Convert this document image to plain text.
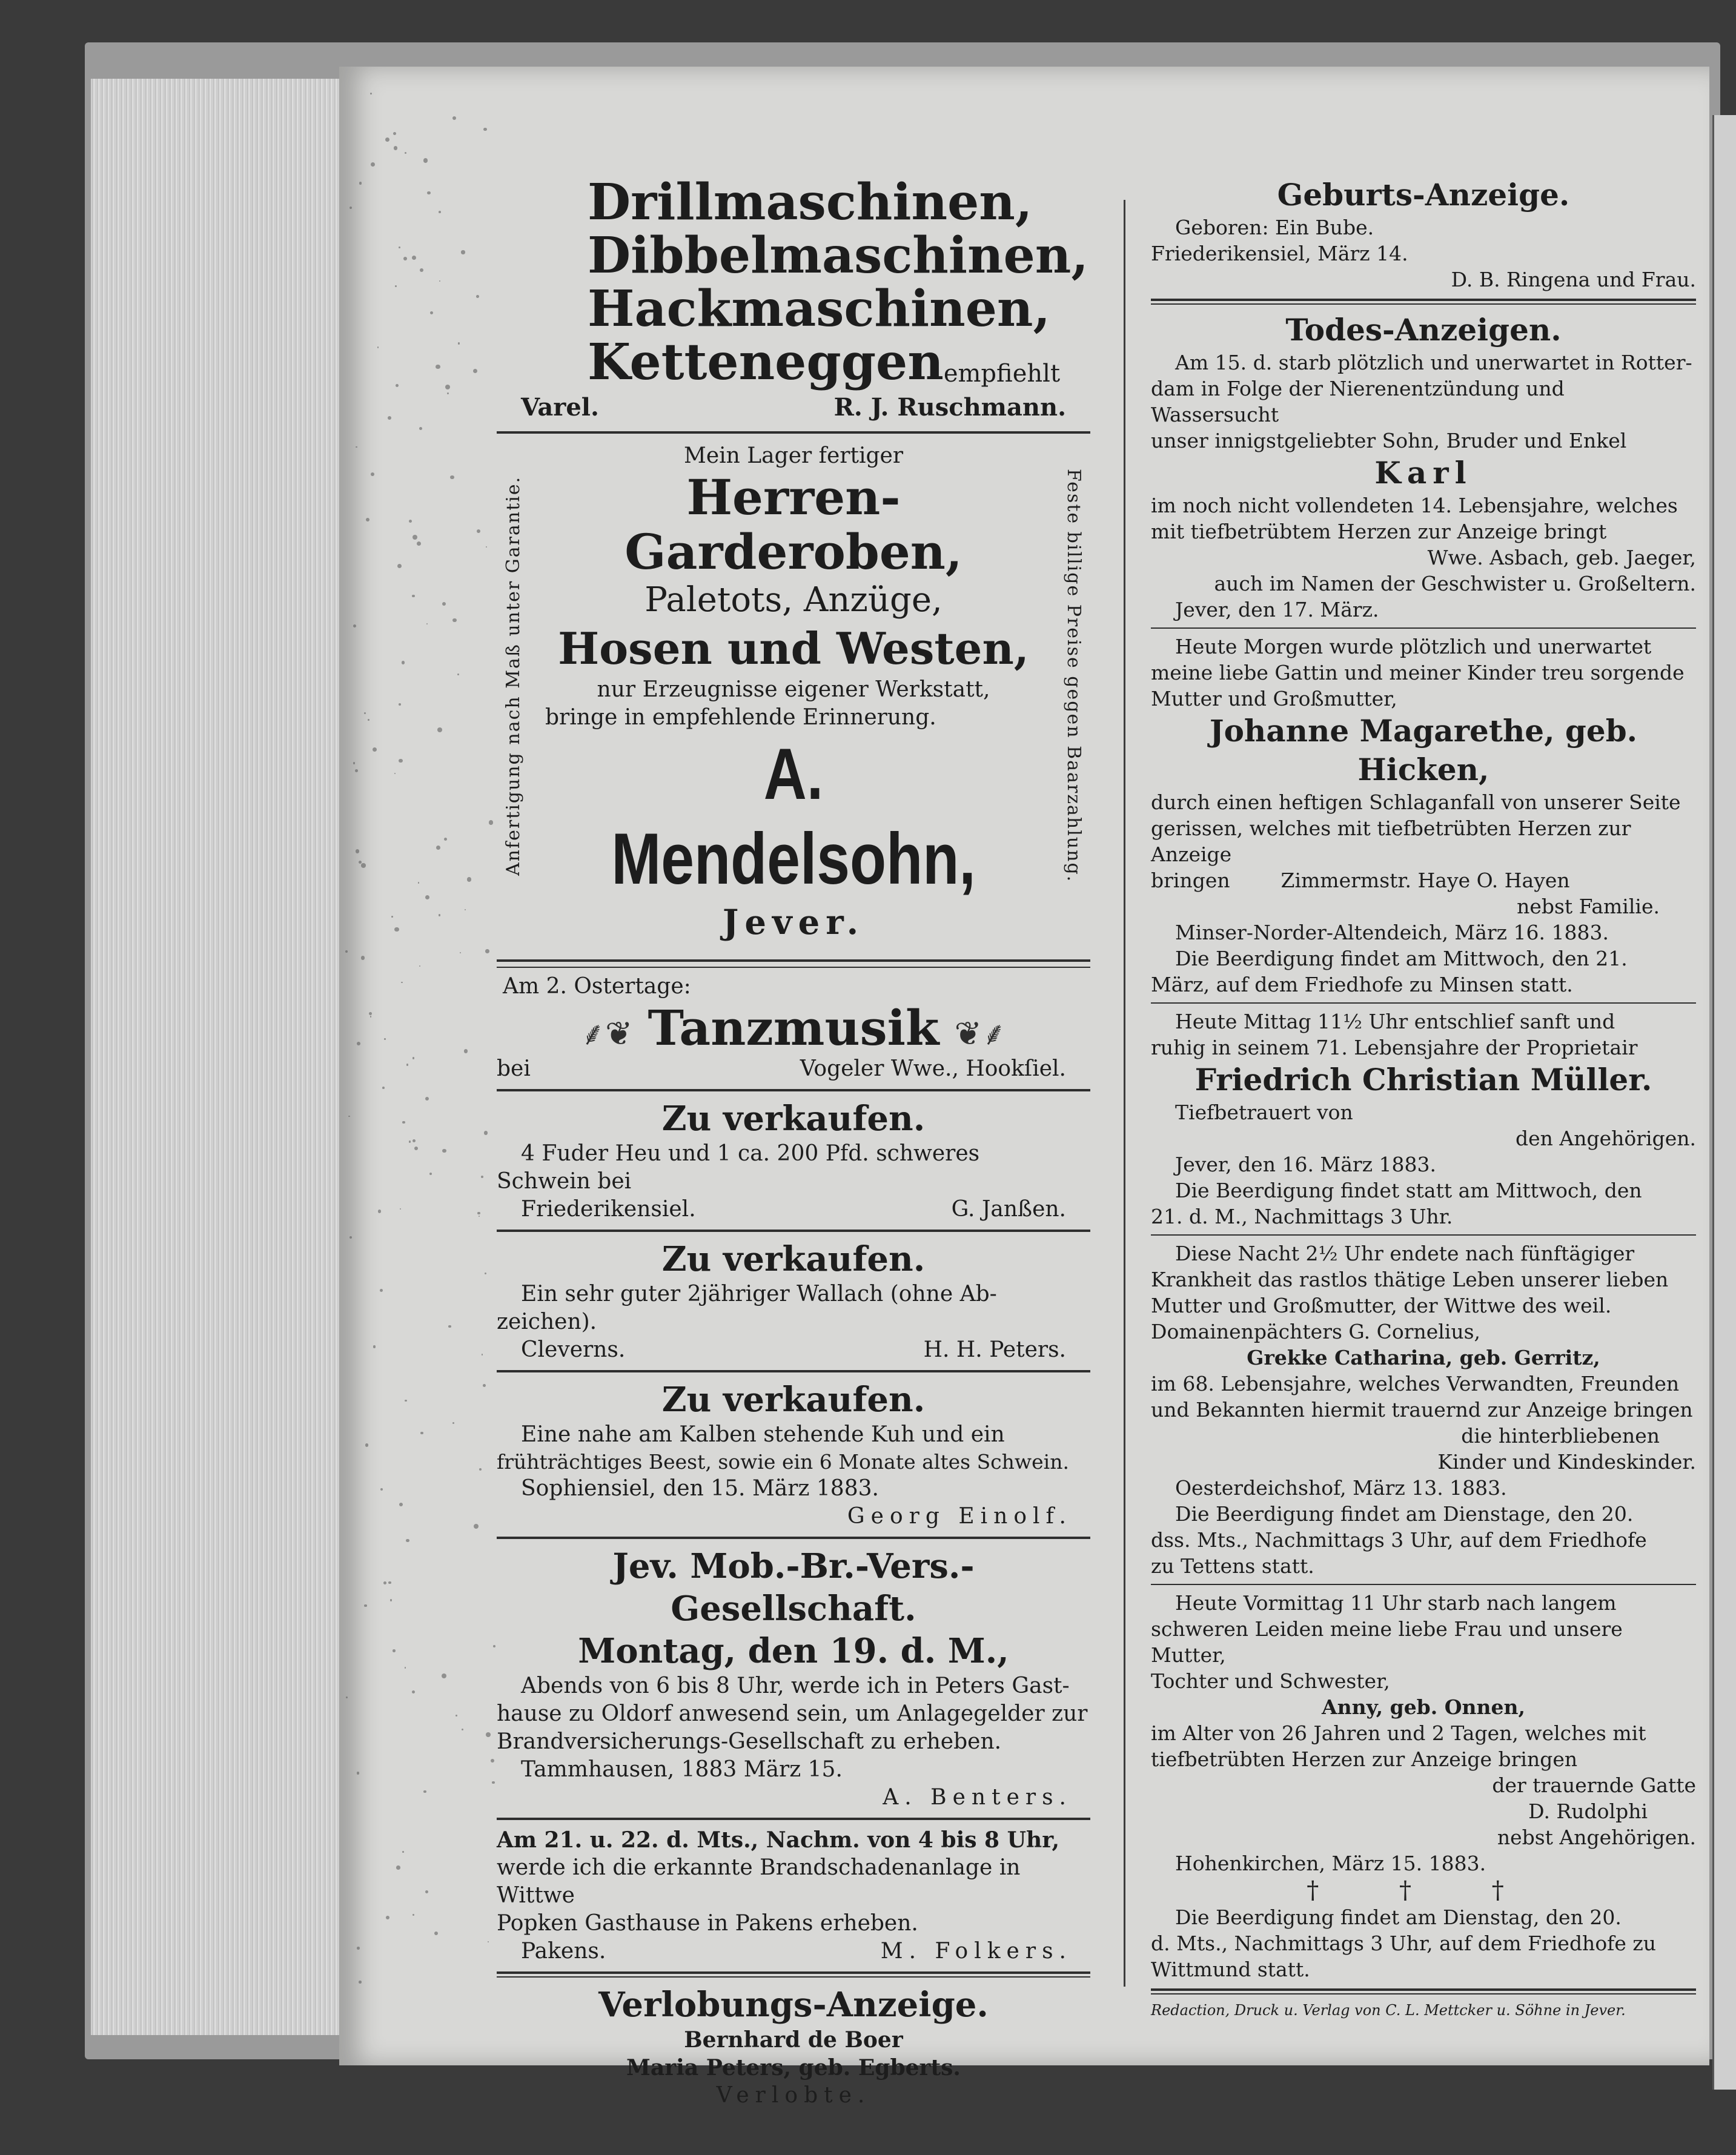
Drillmaschinen,
Dibbelmaschinen,
Hackmaschinen,
Ketteneggen empfiehlt
Varel.	R. J. Ruschmann.
Anfertigung nach Maß unter Garantie.	Feste billige Preise gegen Baarzahlung.
Mein Lager fertiger
Herren-Garderoben,
Paletots, Anzüge,
Hosen und Westen,
nur Erzeugnisse eigener Werkstatt,
bringe in empfehlende Erinnerung.
A. Mendelsohn,
Jever.
Am 2. Ostertage:
⸙❦ Tanzmusik ❦⸙
bei	Vogeler Wwe., Hookſiel.
Zu verkaufen.
4 Fuder Heu und 1 ca. 200 Pfd. schweres
Schwein bei
Friederikensiel.	G. Janßen.
Zu verkaufen.
Ein sehr guter 2jähriger Wallach (ohne Ab-
zeichen).
Cleverns.	H. H. Peters.
Zu verkaufen.
Eine nahe am Kalben stehende Kuh und ein
frühträchtiges Beest, sowie ein 6 Monate altes Schwein.
Sophiensiel, den 15. März 1883.
Georg Einolf.
Jev. Mob.-Br.-Vers.-Gesellschaft.
Montag, den 19. d. M.,
Abends von 6 bis 8 Uhr, werde ich in Peters Gast-
hause zu Oldorf anwesend sein, um Anlagegelder zur
Brandversicherungs-Gesellschaft zu erheben.
Tammhausen, 1883 März 15.
A. Benters.
Am 21. u. 22. d. Mts., Nachm. von 4 bis 8 Uhr,
werde ich die erkannte Brandschadenanlage in Wittwe
Popken Gasthause in Pakens erheben.
Pakens.	M. Folkers.
Verlobungs-Anzeige.
Bernhard de Boer
Maria Peters, geb. Egberts.
Verlobte.
Geburts-Anzeige.
Geboren: Ein Bube.
Friederikensiel, März 14.
D. B. Ringena und Frau.
Todes-Anzeigen.
Am 15. d. starb plötzlich und unerwartet in Rotter-
dam in Folge der Nierenentzündung und Wassersucht
unser innigstgeliebter Sohn, Bruder und Enkel
Karl
im noch nicht vollendeten 14. Lebensjahre, welches
mit tiefbetrübtem Herzen zur Anzeige bringt
Wwe. Asbach, geb. Jaeger,
auch im Namen der Geschwister u. Großeltern.
Jever, den 17. März.
Heute Morgen wurde plötzlich und unerwartet
meine liebe Gattin und meiner Kinder treu sorgende
Mutter und Großmutter,
Johanne Magarethe, geb. Hicken,
durch einen heftigen Schlaganfall von unserer Seite
gerissen, welches mit tiefbetrübten Herzen zur Anzeige
bringen        Zimmermstr. Haye O. Hayen
nebst Familie.
Minser-Norder-Altendeich, März 16. 1883.
Die Beerdigung findet am Mittwoch, den 21.
März, auf dem Friedhofe zu Minsen statt.
Heute Mittag 11½ Uhr entschlief sanft und
ruhig in seinem 71. Lebensjahre der Proprietair
Friedrich Christian Müller.
Tiefbetrauert von
den Angehörigen.
Jever, den 16. März 1883.
Die Beerdigung findet statt am Mittwoch, den
21. d. M., Nachmittags 3 Uhr.
Diese Nacht 2½ Uhr endete nach fünftägiger
Krankheit das rastlos thätige Leben unserer lieben
Mutter und Großmutter, der Wittwe des weil.
Domainenpächters G. Cornelius,
Grekke Catharina, geb. Gerritz,
im 68. Lebensjahre, welches Verwandten, Freunden
und Bekannten hiermit trauernd zur Anzeige bringen
die hinterbliebenen
Kinder und Kindeskinder.
Oesterdeichshof, März 13. 1883.
Die Beerdigung findet am Dienstage, den 20.
dss. Mts., Nachmittags 3 Uhr, auf dem Friedhofe
zu Tettens statt.
Heute Vormittag 11 Uhr starb nach langem
schweren Leiden meine liebe Frau und unsere Mutter,
Tochter und Schwester,
Anny, geb. Onnen,
im Alter von 26 Jahren und 2 Tagen, welches mit
tiefbetrübten Herzen zur Anzeige bringen
der trauernde Gatte
D. Rudolphi
nebst Angehörigen.
Hohenkirchen, März 15. 1883.
† † †
Die Beerdigung findet am Dienstag, den 20.
d. Mts., Nachmittags 3 Uhr, auf dem Friedhofe zu
Wittmund statt.
Redaction, Druck u. Verlag von C. L. Mettcker u. Söhne in Jever.
